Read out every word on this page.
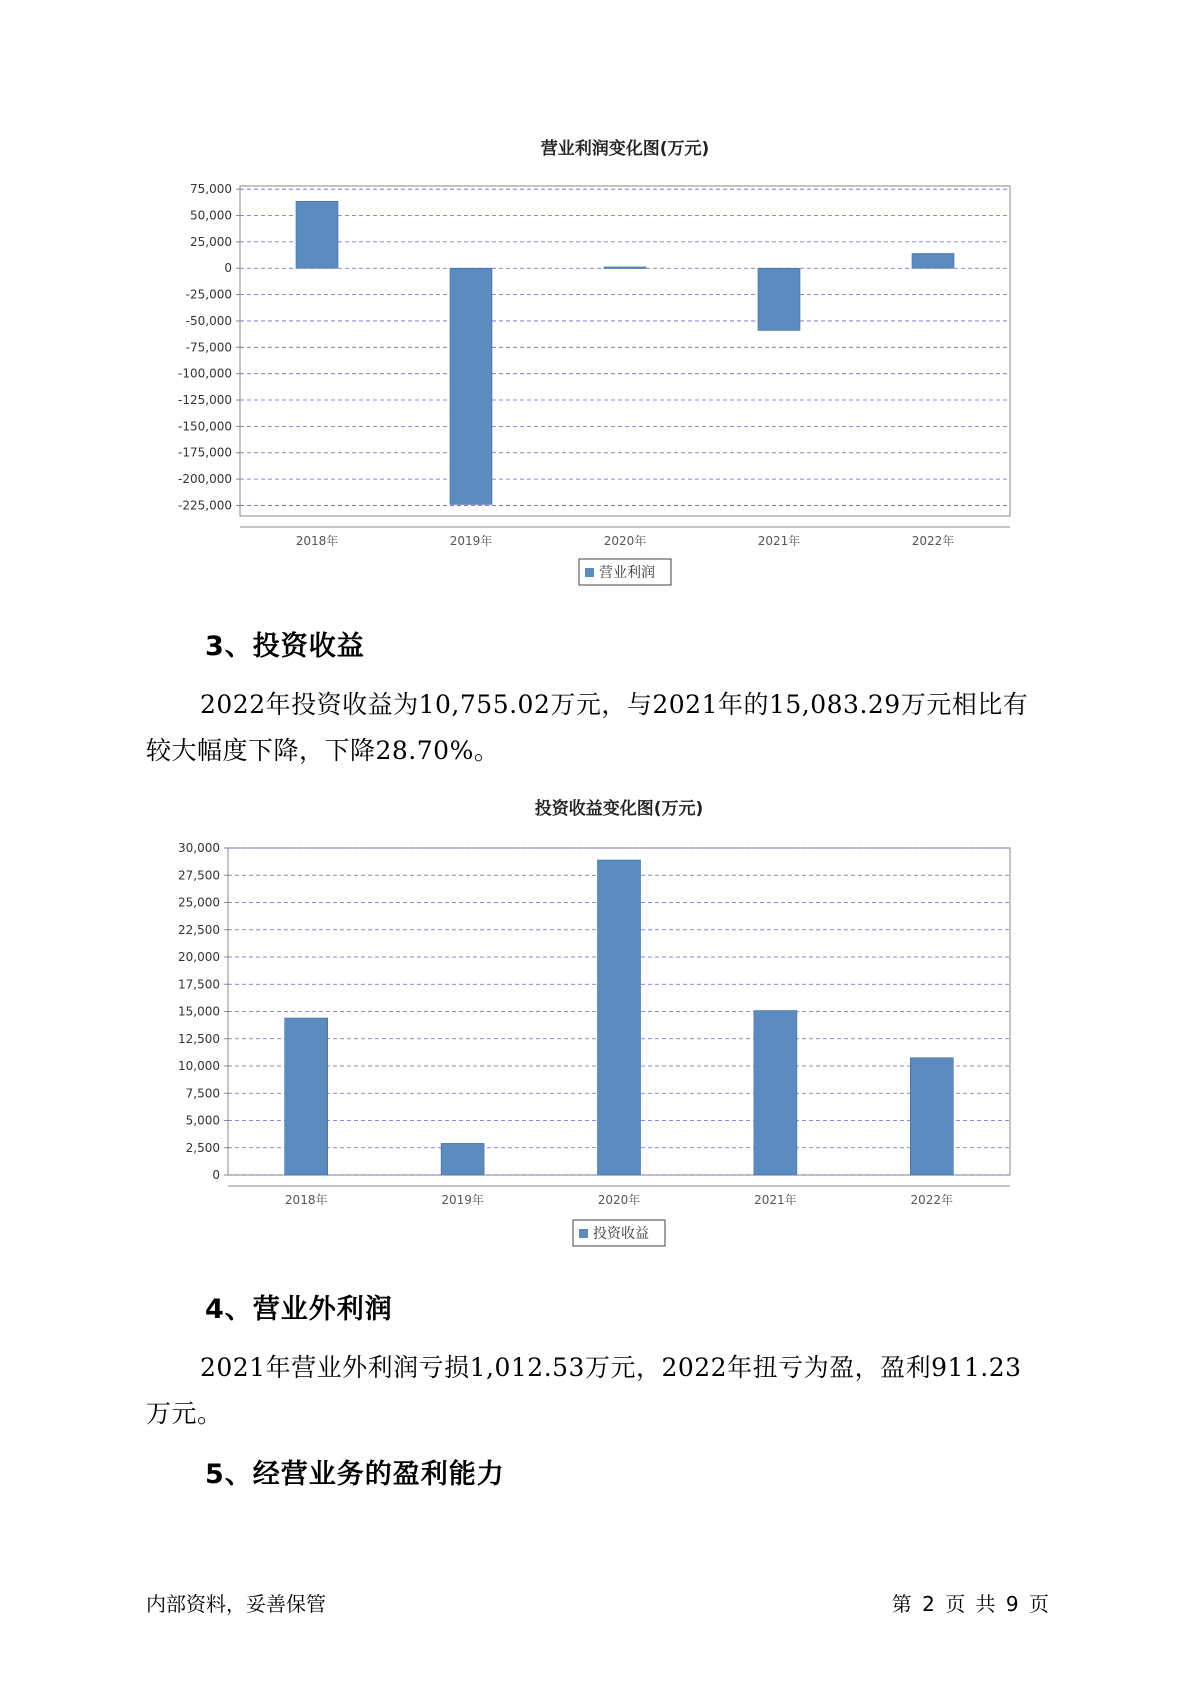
营业利润变化图(万元)
75,000
50,000
25,000
0
-25,000
-50,000
-75,000
-100,000
-125,000
-150,000
-175,000
-200,000
-225,000
2018年	2019年	2020年	2021年	2022年
营业利润
3、投资收益

2022年投资收益为10,755.02万元，与2021年的15,083.29万元相比有
较大幅度下降，下降28.70%。

投资收益变化图(万元)
30,000
27,500
25,000
22,500
20,000
17,500
15,000
12,500
10,000
7,500
5,000
2,500
0
2018年	2019年	2020年	2021年	2022年
投资收益
4、营业外利润

2021年营业外利润亏损1,012.53万元，2022年扭亏为盈，盈利911.23
万元。

5、经营业务的盈利能力
内部资料，妥善保管	第 2 页 共 9 页
